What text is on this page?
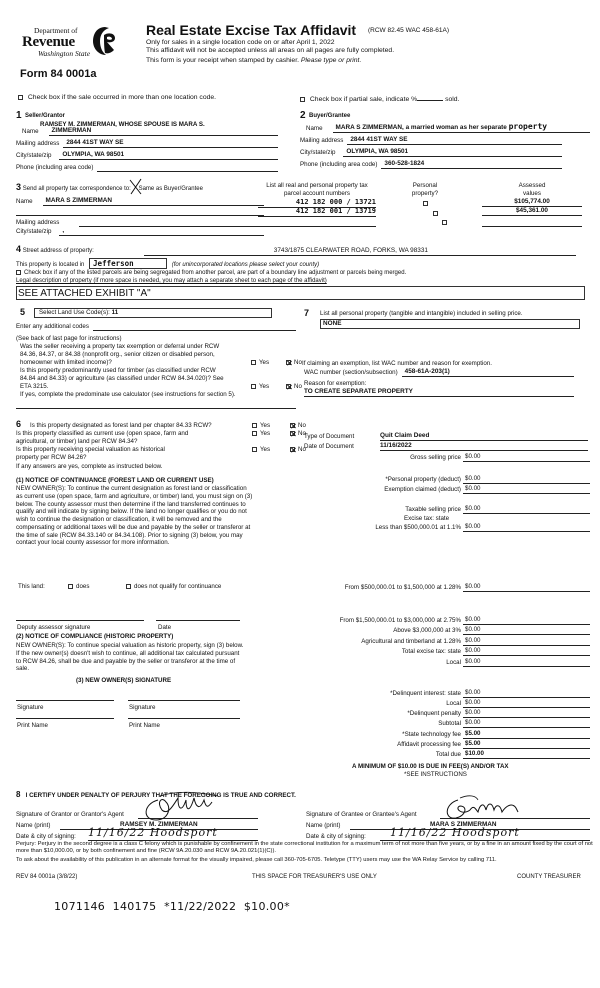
Department of
Revenue
Washington State
Form 84 0001a
Real Estate Excise Tax Affidavit (RCW 82.45 WAC 458-61A)
Only for sales in a single location code on or after April 1, 2022
This affidavit will not be accepted unless all areas on all pages are fully completed.
This form is your receipt when stamped by cashier. Please type or print.
Check box if the sale occurred in more than one location code.	Check box if partial sale, indicate %	sold.
1 Seller/Grantor
RAMSEY M. ZIMMERMAN, WHOSE SPOUSE IS MARA S.
Name	ZIMMERMAN
Mailing address	2844 41ST WAY SE
City/state/zip	OLYMPIA, WA 98501
Phone (including area code)
2 Buyer/Grantee
Name MARA S ZIMMERMAN, a married woman as her separate
property
Mailing address	2844 41ST WAY SE
City/state/zip	OLYMPIA, WA 98501
Phone (including area code)	360-528-1824
3 Send all property tax correspondence to: Same as Buyer/Grantee
Name	MARA S ZIMMERMAN
Mailing address
City/state/zip	,
List all real and personal property tax
parcel account numbers
Personal
property?
Assessed
values
412 182 000 / 13721
	$105,774.00
412 182 001 / 13719
	$45,361.00
4 Street address of property:	3743/1875 CLEARWATER ROAD, FORKS, WA 98331
This property is located in Jefferson	(for unincorporated locations please select your county)
Check box if any of the listed parcels are being segregated from another parcel, are part of a boundary line adjustment or parcels being merged.
Legal description of property (if more space is needed, you may attach a separate sheet to each page of the affidavit)
SEE ATTACHED EXHIBIT "A"
5	Select Land Use Code(s): 11
Enter any additional codes
(See back of last page for instructions)
Was the seller receiving a property tax exemption or deferral under RCW 84.36, 84.37, or 84.38 (nonprofit org., senior citizen or disabled person, homeowner with limited income)?	Yes	No
Is this property predominantly used for timber (as classified under RCW 84.84 and 84.33) or agriculture (as classified under RCW 84.34.020)? See ETA 3215.	Yes	No
If yes, complete the predominate use calculator (see instructions for section 5).
7 List all personal property (tangible and intangible) included in selling price.
NONE
If claiming an exemption, list WAC number and reason for exemption.
WAC number (section/subsection)	458-61A-203(1)
Reason for exemption:
TO CREATE SEPARATE PROPERTY
6 Is this property designated as forest land per chapter 84.33 RCW?	Yes	No
Is this property classified as current use (open space, farm and agricultural, or timber) land per RCW 84.34?
Yes	No
Is this property receiving special valuation as historical property per RCW 84.26?
Yes	No
If any answers are yes, complete as instructed below.
(1) NOTICE OF CONTINUANCE (FOREST LAND OR CURRENT USE)
NEW OWNER(S): To continue the current designation as forest land or classification as current use (open space, farm and agriculture, or timber) land, you must sign on (3) below. The county assessor must then determine if the land transferred continues to qualify and will indicate by signing below. If the land no longer qualifies or you do not wish to continue the designation or classification, it will be removed and the compensating or additional taxes will be due and payable by the seller or transferor at the time of sale (RCW 84.33.140 or 84.34.108). Prior to signing (3) below, you may contact your local county assessor for more information.
This land:	does	does not qualify for continuance
Deputy assessor signature	Date
(2) NOTICE OF COMPLIANCE (HISTORIC PROPERTY)
NEW OWNER(S): To continue special valuation as historic property, sign (3) below. If the new owner(s) doesn't wish to continue, all additional tax calculated pursuant to RCW 84.26, shall be due and payable by the seller or transferor at the time of sale.
(3) NEW OWNER(S) SIGNATURE
Signature	Signature
Print Name	Print Name
Type of Document	Quit Claim Deed
Date of Document	11/16/2022
Gross selling price $0.00
*Personal property (deduct) $0.00
Exemption claimed (deduct) $0.00
Taxable selling price $0.00
Excise tax: state
Less than $500,000.01 at 1.1% $0.00
From $500,000.01 to $1,500,000 at 1.28% $0.00
From $1,500,000.01 to $3,000,000 at 2.75% $0.00
Above $3,000,000 at 3% $0.00
Agricultural and timberland at 1.28% $0.00
Total excise tax: state $0.00
Local $0.00
*Delinquent interest: state $0.00
Local $0.00
*Delinquent penalty $0.00
Subtotal $0.00
*State technology fee $5.00
Affidavit processing fee $5.00
Total due $10.00
A MINIMUM OF $10.00 IS DUE IN FEE(S) AND/OR TAX
*SEE INSTRUCTIONS
8 I CERTIFY UNDER PENALTY OF PERJURY THAT THE FOREGOING IS TRUE AND CORRECT.
Signature of Grantor or Grantor's Agent
Name (print)	RAMSEY M. ZIMMERMAN
Date & city of signing: 11/16/22 Hoodsport
Signature of Grantee or Grantee's Agent
Name (print)	MARA S ZIMMERMAN
Date & city of signing:	11/16/22 Hoodsport
Perjury: Perjury in the second degree is a class C felony which is punishable by confinement in the state correctional institution for a maximum term of not more than five years, or by a fine in an amount fixed by the court of not more than $10,000.00, or by both confinement and fine (RCW 9A.20.030 and RCW 9A.20.021(1)(C)).
To ask about the availability of this publication in an alternate format for the visually impaired, please call 360-705-6705. Teletype (TTY) users may use the WA Relay Service by calling 711.
REV 84 0001a (3/8/22)	THIS SPACE FOR TREASURER'S USE ONLY	COUNTY TREASURER
1071146  140175  *11/22/2022  $10.00*
